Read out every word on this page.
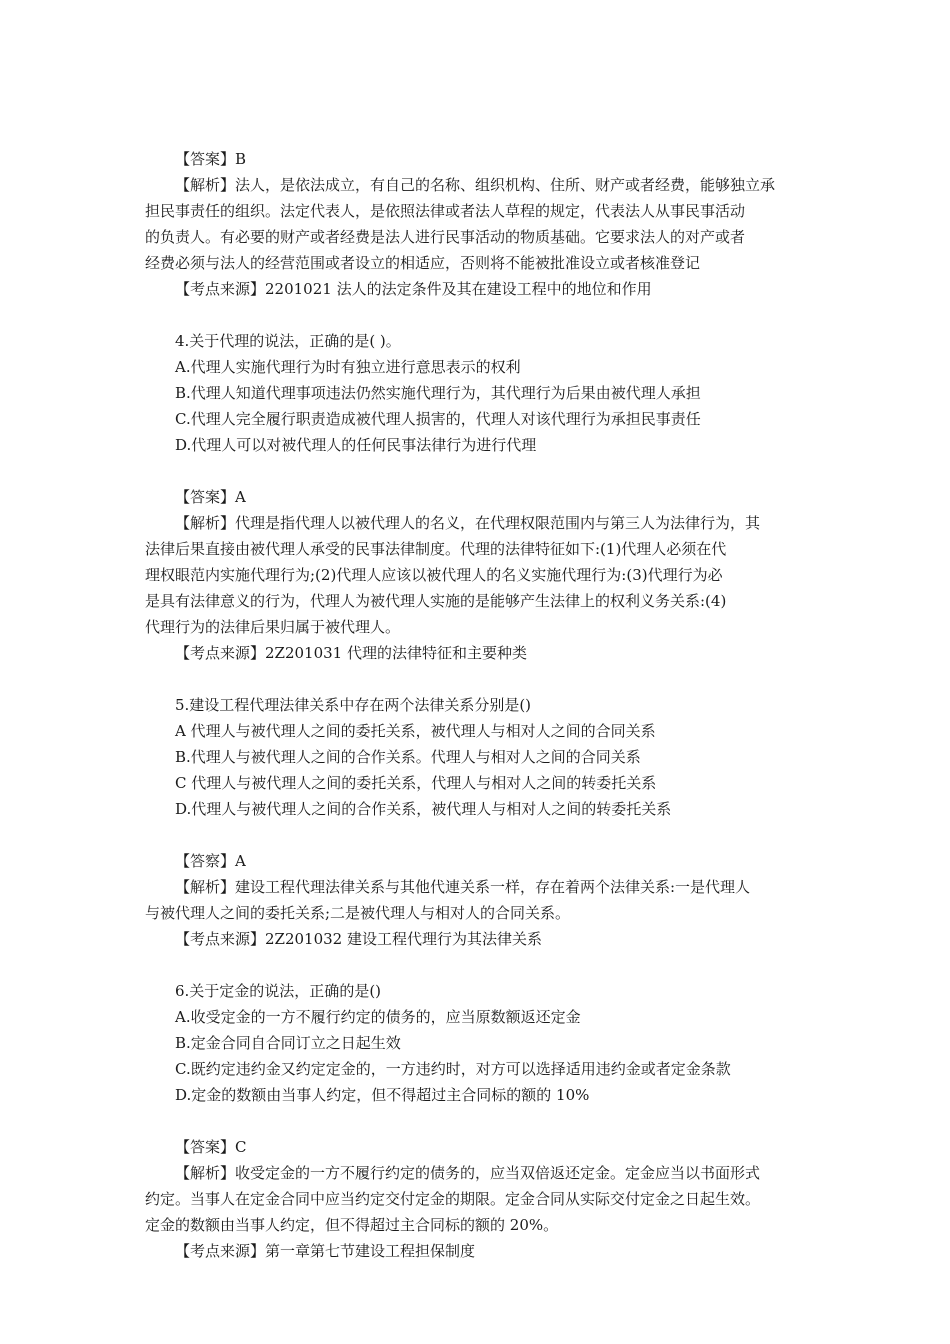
【答案】B
【解析】法人，是依法成立，有自己的名称、组织机构、住所、财产或者经费，能够独立承
担民事责任的组织。法定代表人，是依照法律或者法人草程的规定，代表法人从事民事活动
的负责人。有必要的财产或者经费是法人进行民事活动的物质基础。它要求法人的对产或者
经费必须与法人的经营范围或者设立的相适应，否则将不能被批准设立或者核准登记
【考点来源】2201021 法人的法定条件及其在建设工程中的地位和作用
4.关于代理的说法，正确的是( )。
A.代理人实施代理行为时有独立进行意思表示的权利
B.代理人知道代理事项违法仍然实施代理行为，其代理行为后果由被代理人承担
C.代理人完全履行职责造成被代理人损害的，代理人对该代理行为承担民事责任
D.代理人可以对被代理人的任何民事法律行为进行代理
【答案】A
【解析】代理是指代理人以被代理人的名义，在代理权限范围内与第三人为法律行为，其
法律后果直接由被代理人承受的民事法律制度。代理的法律特征如下:(1)代理人必须在代
理权眼范内实施代理行为;(2)代理人应该以被代理人的名义实施代理行为:(3)代理行为必
是具有法律意义的行为，代理人为被代理人实施的是能够产生法律上的权利义务关系:(4)
代理行为的法律后果归属于被代理人。
【考点来源】2Z201031 代理的法律特征和主要种类
5.建设工程代理法律关系中存在两个法律关系分别是()
A 代理人与被代理人之间的委托关系，被代理人与相对人之间的合同关系
B.代理人与被代理人之间的合作关系。代理人与相对人之间的合同关系
C 代理人与被代理人之间的委托关系，代理人与相对人之间的转委托关系
D.代理人与被代理人之间的合作关系，被代理人与相对人之间的转委托关系
【答察】A
【解析】建设工程代理法律关系与其他代連关系一样，存在着两个法律关系:一是代理人
与被代理人之间的委托关系;二是被代理人与相对人的合同关系。
【考点来源】2Z201032 建设工程代理行为其法律关系
6.关于定金的说法，正确的是()
A.收受定金的一方不履行约定的债务的，应当原数额返还定金
B.定金合同自合同订立之日起生效
C.既约定违约金又约定定金的，一方违约时，对方可以选择适用违约金或者定金条款
D.定金的数额由当事人约定，但不得超过主合同标的额的 10%
【答案】C
【解析】收受定金的一方不履行约定的债务的，应当双倍返还定金。定金应当以书面形式
约定。当事人在定金合同中应当约定交付定金的期限。定金合同从实际交付定金之日起生效。
定金的数额由当事人约定，但不得超过主合同标的额的 20%。
【考点来源】第一章第七节建设工程担保制度
